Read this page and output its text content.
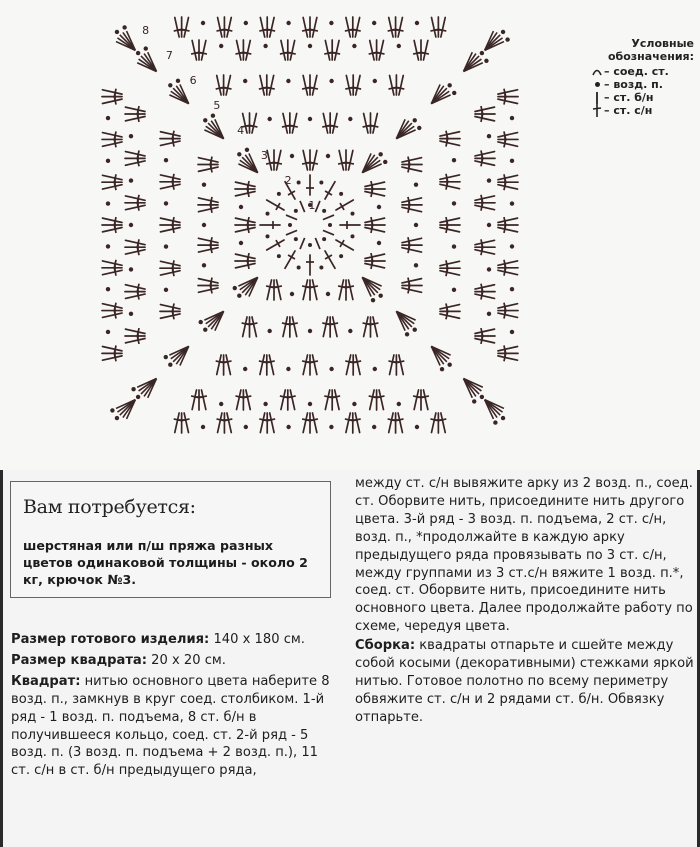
1
2
3
4
5
6
7
8
Условные обозначения:
– соед. ст.
– возд. п.
– ст. б/н
– ст. с/н
Вам потребуется:
шерстяная или п/ш пряжа разных цветов одинаковой толщины - около 2 кг, крючок №3.

Размер готового изделия: 140 x 180 см.

Размер квадрата: 20 x 20 см.

Квадрат: нитью основного цвета наберите 8 возд. п., замкнув в круг соед. столбиком. 1-й ряд - 1 возд. п. подъема, 8 ст. б/н в получившееся кольцо, соед. ст. 2-й ряд - 5 возд. п. (3 возд. п. подъема + 2 возд. п.), 11 ст. с/н в ст. б/н предыдущего ряда,

между ст. с/н вывяжите арку из 2 возд. п., соед. ст. Оборвите нить, присоедините нить другого цвета. 3-й ряд - 3 возд. п. подъема, 2 ст. с/н, возд. п., *продолжайте в каждую арку предыдущего ряда провязывать по 3 ст. с/н, между группами из 3 ст.с/н вяжите 1 возд. п.*, соед. ст. Оборвите нить, присоедините нить основного цвета. Далее продолжайте работу по схеме, чередуя цвета.

Сборка: квадраты отпарьте и сшейте между собой косыми (декоративными) стежками яркой нитью. Готовое полотно по всему периметру обвяжите ст. с/н и 2 рядами ст. б/н. Обвязку отпарьте.
